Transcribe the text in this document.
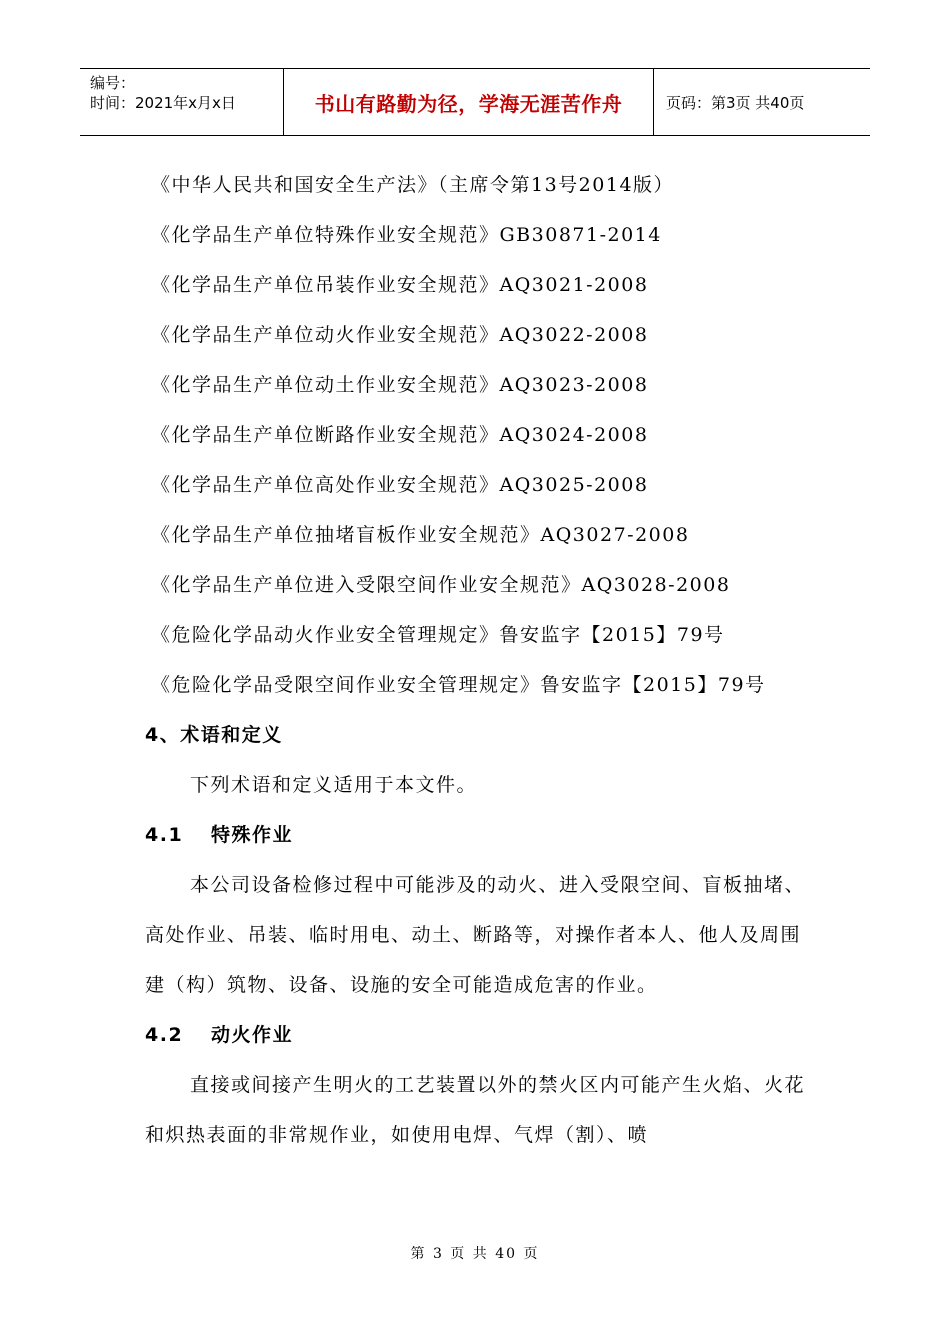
编号：
时间：2021年x月x日	书山有路勤为径，学海无涯苦作舟	页码：第3页 共40页
《中华人民共和国安全生产法》（主席令第13号2014版）
《化学品生产单位特殊作业安全规范》GB30871-2014
《化学品生产单位吊装作业安全规范》AQ3021-2008
《化学品生产单位动火作业安全规范》AQ3022-2008
《化学品生产单位动土作业安全规范》AQ3023-2008
《化学品生产单位断路作业安全规范》AQ3024-2008
《化学品生产单位高处作业安全规范》AQ3025-2008
《化学品生产单位抽堵盲板作业安全规范》AQ3027-2008
《化学品生产单位进入受限空间作业安全规范》AQ3028-2008
《危险化学品动火作业安全管理规定》鲁安监字【2015】79号
《危险化学品受限空间作业安全管理规定》鲁安监字【2015】79号
4、术语和定义

下列术语和定义适用于本文件。

4.1 特殊作业

本公司设备检修过程中可能涉及的动火、进入受限空间、盲板抽堵、高处作业、吊装、临时用电、动土、断路等，对操作者本人、他人及周围建（构）筑物、设备、设施的安全可能造成危害的作业。

4.2 动火作业

直接或间接产生明火的工艺装置以外的禁火区内可能产生火焰、火花和炽热表面的非常规作业，如使用电焊、气焊（割）、喷

第 3 页 共 40 页
